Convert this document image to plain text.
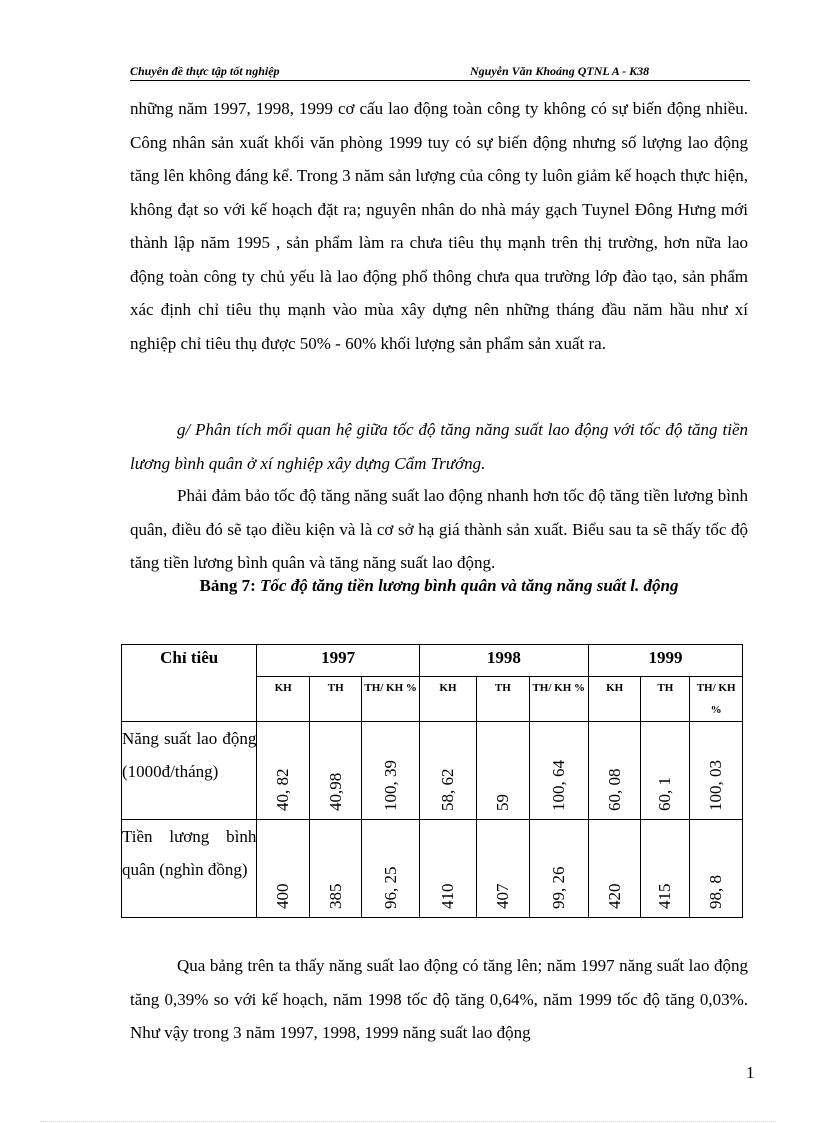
Chuyên đề thực tập tốt nghiệp	Nguyễn Văn Khoáng QTNL A - K38
những năm 1997, 1998, 1999 cơ cấu lao động toàn công ty không có sự biến động nhiều. Công nhân sản xuất khối văn phòng 1999 tuy có sự biến động nhưng số lượng lao động tăng lên không đáng kể. Trong 3 năm sản lượng của công ty luôn giảm kế hoạch thực hiện, không đạt so với kế hoạch đặt ra; nguyên nhân do nhà máy gạch Tuynel Đông Hưng mới thành lập năm 1995 , sản phẩm làm ra chưa tiêu thụ mạnh trên thị trường, hơn nữa lao động toàn công ty chủ yếu là lao động phổ thông chưa qua trường lớp đào tạo, sản phẩm xác định chỉ tiêu thụ mạnh vào mùa xây dựng nên những tháng đầu năm hầu như xí nghiệp chỉ tiêu thụ được 50% - 60% khối lượng sản phẩm sản xuất ra.
g/ Phân tích mối quan hệ giữa tốc độ tăng năng suất lao động với tốc độ tăng tiền lương bình quân ở xí nghiệp xây dựng Cẩm Trướng.
Phải đảm bảo tốc độ tăng năng suất lao động nhanh hơn tốc độ tăng tiền lương bình quân, điều đó sẽ tạo điều kiện và là cơ sở hạ giá thành sản xuất. Biểu sau ta sẽ thấy tốc độ tăng tiền lương bình quân và tăng năng suất lao động.
Bảng 7: Tốc độ tăng tiền lương bình quân và tăng năng suất l. động
Chỉ tiêu	1997			1998			1999		
	KH	TH	TH/ KH %	KH	TH	TH/ KH %	KH	TH	TH/ KH %
Năng suất lao động (1000đ/tháng)	40, 82	40,98	100, 39	58, 62	59	100, 64	60, 08	60, 1	100, 03

Tiền lương bình quân (nghìn đồng)	400	385	96, 25	410	407	99, 26	420	415	98, 8
Qua bảng trên ta thấy năng suất lao động có tăng lên; năm 1997 năng suất lao động tăng 0,39% so với kế hoạch, năm 1998 tốc độ tăng 0,64%, năm 1999 tốc độ tăng 0,03%. Như vậy trong 3 năm 1997, 1998, 1999 năng suất lao động
1
